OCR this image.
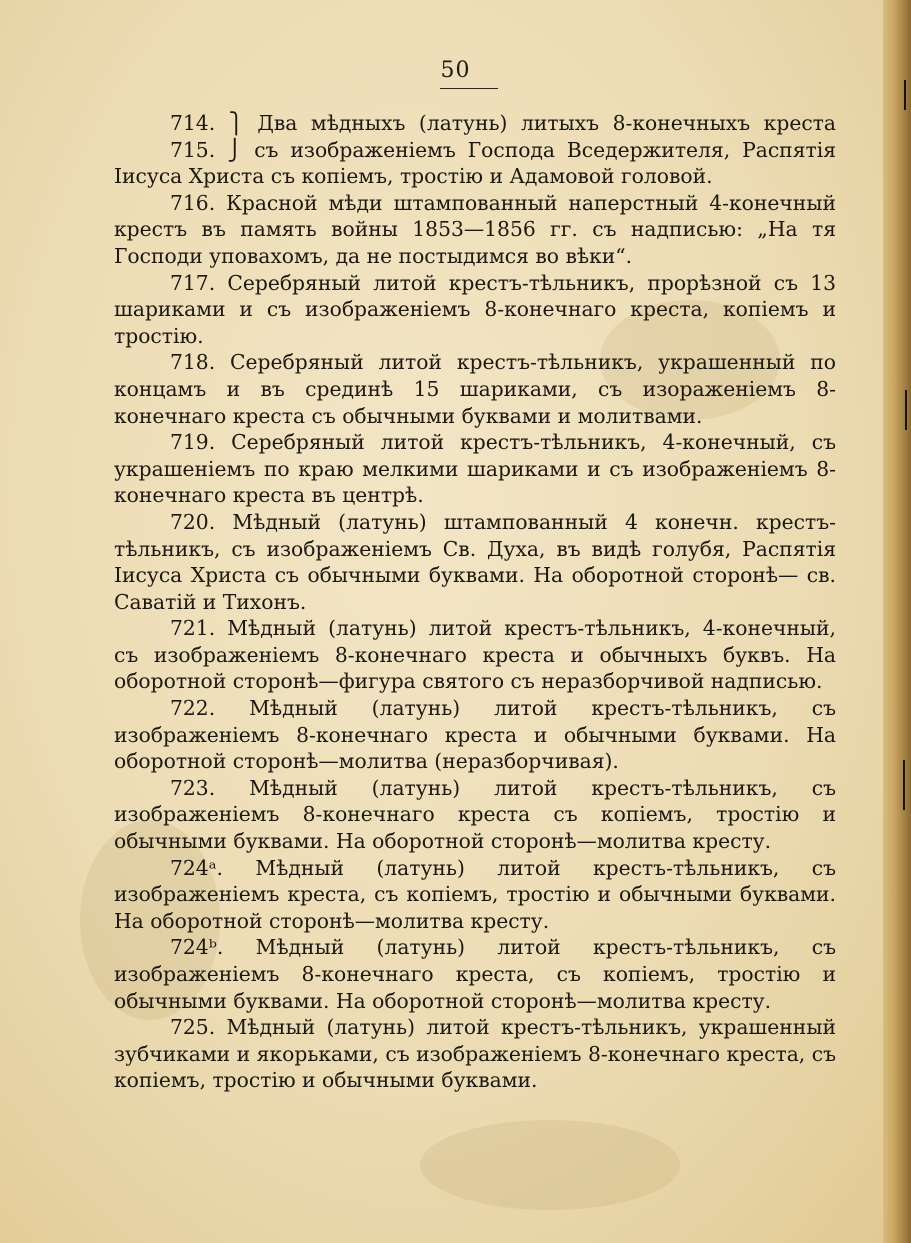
50
714. ⎫ Два мѣдныхъ (латунь) литыхъ 8-конечныхъ креста
715. ⎭ съ изображеніемъ Господа Вседержителя, Распятія
Іисуса Христа съ копіемъ, тростію и Адамовой головой.

716. Красной мѣди штампованный наперстный 4-конечный крестъ въ память войны 1853—1856 гг. съ надписью: „На тя Господи уповахомъ, да не постыдимся во вѣки“.

717. Серебряный литой крестъ-тѣльникъ, прорѣзной съ 13 шариками и съ изображеніемъ 8-конечнаго креста, копіемъ и тростію.

718. Серебряный литой крестъ-тѣльникъ, украшенный по концамъ и въ срединѣ 15 шариками, съ изораженіемъ 8-конечнаго креста съ обычными буквами и молитвами.

719. Серебряный литой крестъ-тѣльникъ, 4-конечный, съ украшеніемъ по краю мелкими шариками и съ изображеніемъ 8-конечнаго креста въ центрѣ.

720. Мѣдный (латунь) штампованный 4 конечн. крестъ-тѣльникъ, съ изображеніемъ Св. Духа, въ видѣ голубя, Распятія Іисуса Христа съ обычными буквами. На оборотной сторонѣ— св. Саватій и Тихонъ.

721. Мѣдный (латунь) литой крестъ-тѣльникъ, 4-конечный, съ изображеніемъ 8-конечнаго креста и обычныхъ буквъ. На оборотной сторонѣ—фигура святого съ неразборчивой надписью.

722. Мѣдный (латунь) литой крестъ-тѣльникъ, съ изображеніемъ 8-конечнаго креста и обычными буквами. На оборотной сторонѣ—молитва (неразборчивая).

723. Мѣдный (латунь) литой крестъ-тѣльникъ, съ изображеніемъ 8-конечнаго креста съ копіемъ, тростію и обычными буквами. На оборотной сторонѣ—молитва кресту.

724ᵃ. Мѣдный (латунь) литой крестъ-тѣльникъ, съ изображеніемъ креста, съ копіемъ, тростію и обычными буквами. На оборотной сторонѣ—молитва кресту.

724ᵇ. Мѣдный (латунь) литой крестъ-тѣльникъ, съ изображеніемъ 8-конечнаго креста, съ копіемъ, тростію и обычными буквами. На оборотной сторонѣ—молитва кресту.

725. Мѣдный (латунь) литой крестъ-тѣльникъ, украшенный зубчиками и якорьками, съ изображеніемъ 8-конечнаго креста, съ копіемъ, тростію и обычными буквами.
